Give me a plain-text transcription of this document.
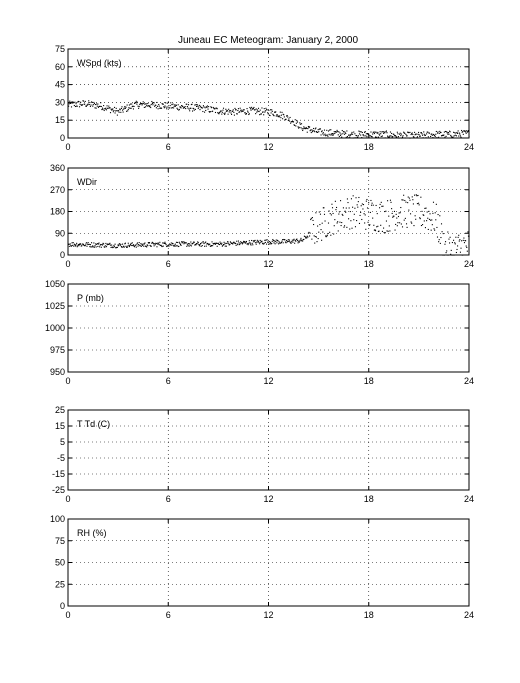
Juneau EC Meteogram: January 2, 2000
0	6	12	18	24
0
15
30
45
60
75
WSpd (kts)
0	6	12	18	24
0
90
180
270
360
WDir
0	6	12	18	24
950
975
1000
1025
1050
P (mb)
0	6	12	18	24
-25
-15
-5
5
15
25
T Td (C)
0	6	12	18	24
0
25
50
75
100
RH (%)
